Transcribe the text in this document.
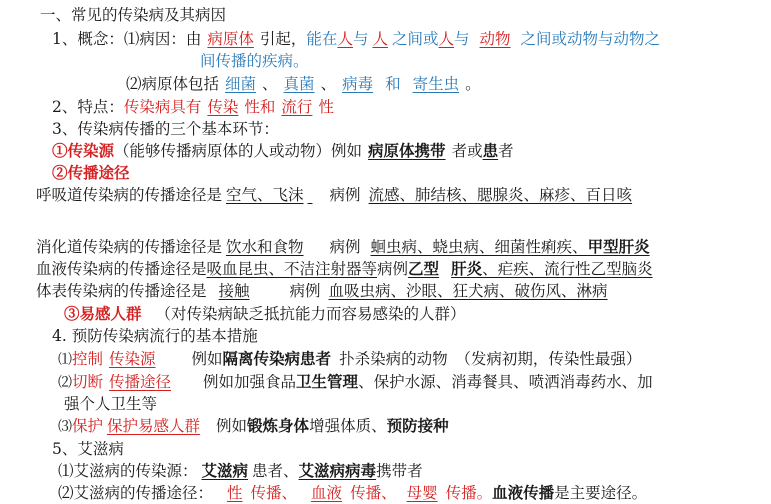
一、常见的传染病及其病因
1、概念：⑴病因：由 病原体 引起，能在人与 人 之间或人与 动物 之间或动物与动物之
间传播的疾病。
⑵病原体包括 细菌 、 真菌 、 病毒 和 寄生虫 。
2、特点：传染病具有 传染 性和 流行 性
3、传染病传播的三个基本环节：
①传染源（能够传播病原体的人或动物）例如 病原体携带 者或患者
②传播途径
呼吸道传染病的传播途径是 空气、飞沫 病例 流感、肺结核、腮腺炎、麻疹、百日咳
消化道传染病的传播途径是 饮水和食物 病例 蛔虫病、蛲虫病、细菌性痢疾、甲型肝炎
血液传染病的传播途径是吸血昆虫、不洁注射器等病例乙型 肝炎、疟疾、流行性乙型脑炎
体表传染病的传播途径是 接触	病例 血吸虫病、沙眼、狂犬病、破伤风、淋病
③易感人群 （对传染病缺乏抵抗能力而容易感染的人群）
4. 预防传染病流行的基本措施
⑴控制 传染源 例如隔离传染病患者 扑杀染病的动物　（发病初期，传染性最强）
⑵切断 传播途径 例如加强食品卫生管理、保护水源、消毒餐具、喷洒消毒药水、加
强个人卫生等
⑶保护 保护易感人群 例如锻炼身体增强体质、预防接种
5、艾滋病
⑴艾滋病的传染源： 艾滋病 患者、艾滋病病毒携带者
⑵艾滋病的传播途径： 性 传播、 血液 传播、 母婴 传播。血液传播是主要途径。
